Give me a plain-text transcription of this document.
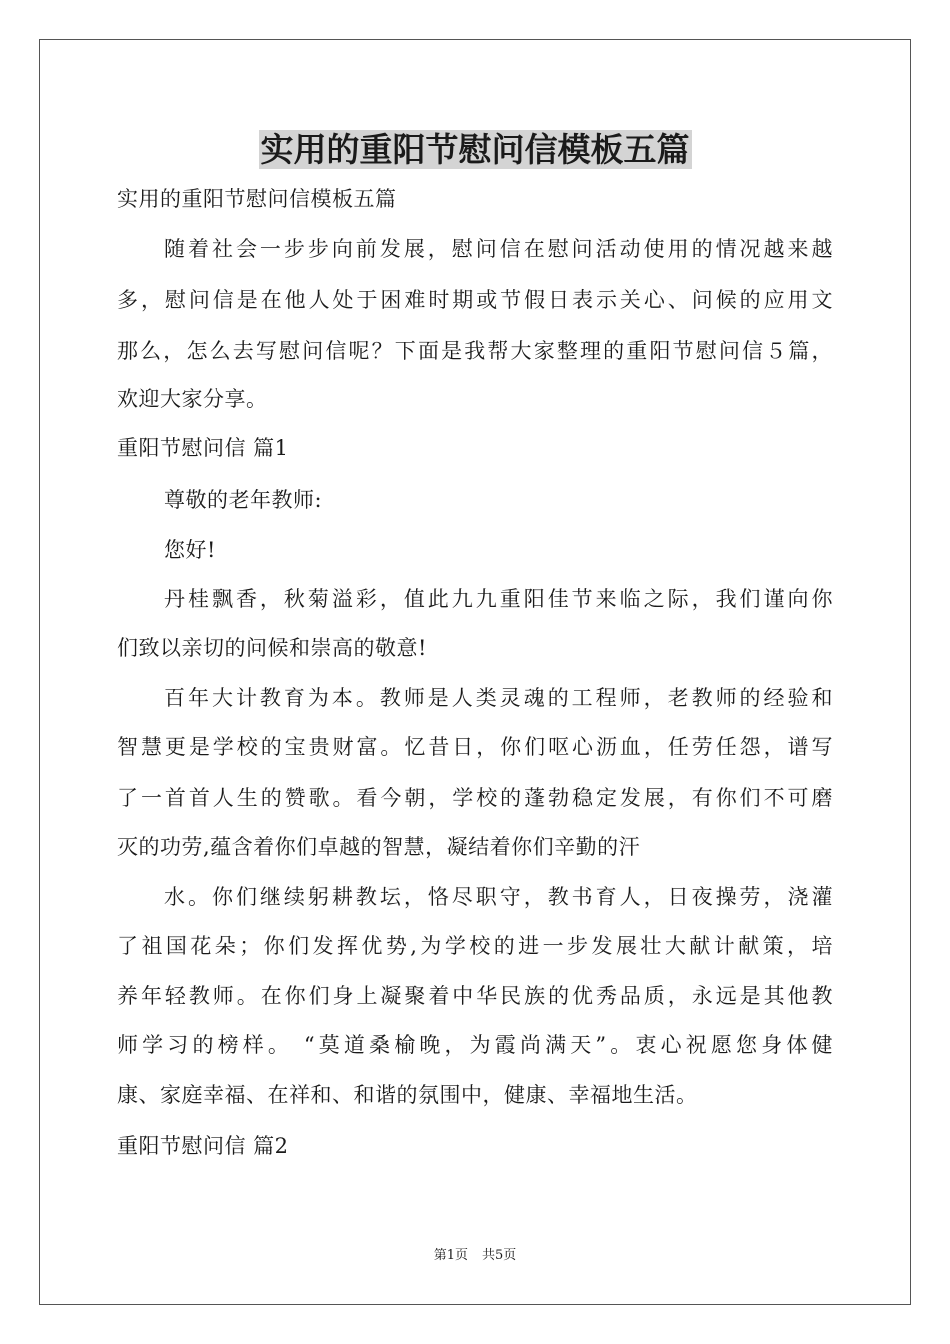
实用的重阳节慰问信模板五篇
实用的重阳节慰问信模板五篇
随着社会一步步向前发展，慰问信在慰问活动使用的情况越来越
多，慰问信是在他人处于困难时期或节假日表示关心、问候的应用文
那么，怎么去写慰问信呢？下面是我帮大家整理的重阳节慰问信５篇，
欢迎大家分享。
重阳节慰问信 篇1
尊敬的老年教师:
您好!
丹桂飘香，秋菊溢彩，值此九九重阳佳节来临之际，我们谨向你
们致以亲切的问候和崇高的敬意!
百年大计教育为本。教师是人类灵魂的工程师，老教师的经验和
智慧更是学校的宝贵财富。忆昔日，你们呕心沥血，任劳任怨，谱写
了一首首人生的赞歌。看今朝，学校的蓬勃稳定发展，有你们不可磨
灭的功劳,蕴含着你们卓越的智慧，凝结着你们辛勤的汗
水。你们继续躬耕教坛，恪尽职守，教书育人，日夜操劳，浇灌
了祖国花朵；你们发挥优势,为学校的进一步发展壮大献计献策，培
养年轻教师。在你们身上凝聚着中华民族的优秀品质，永远是其他教
师学习的榜样。 “莫道桑榆晚，为霞尚满天”。衷心祝愿您身体健
康、家庭幸福、在祥和、和谐的氛围中，健康、幸福地生活。
重阳节慰问信 篇2
第1页 共5页
